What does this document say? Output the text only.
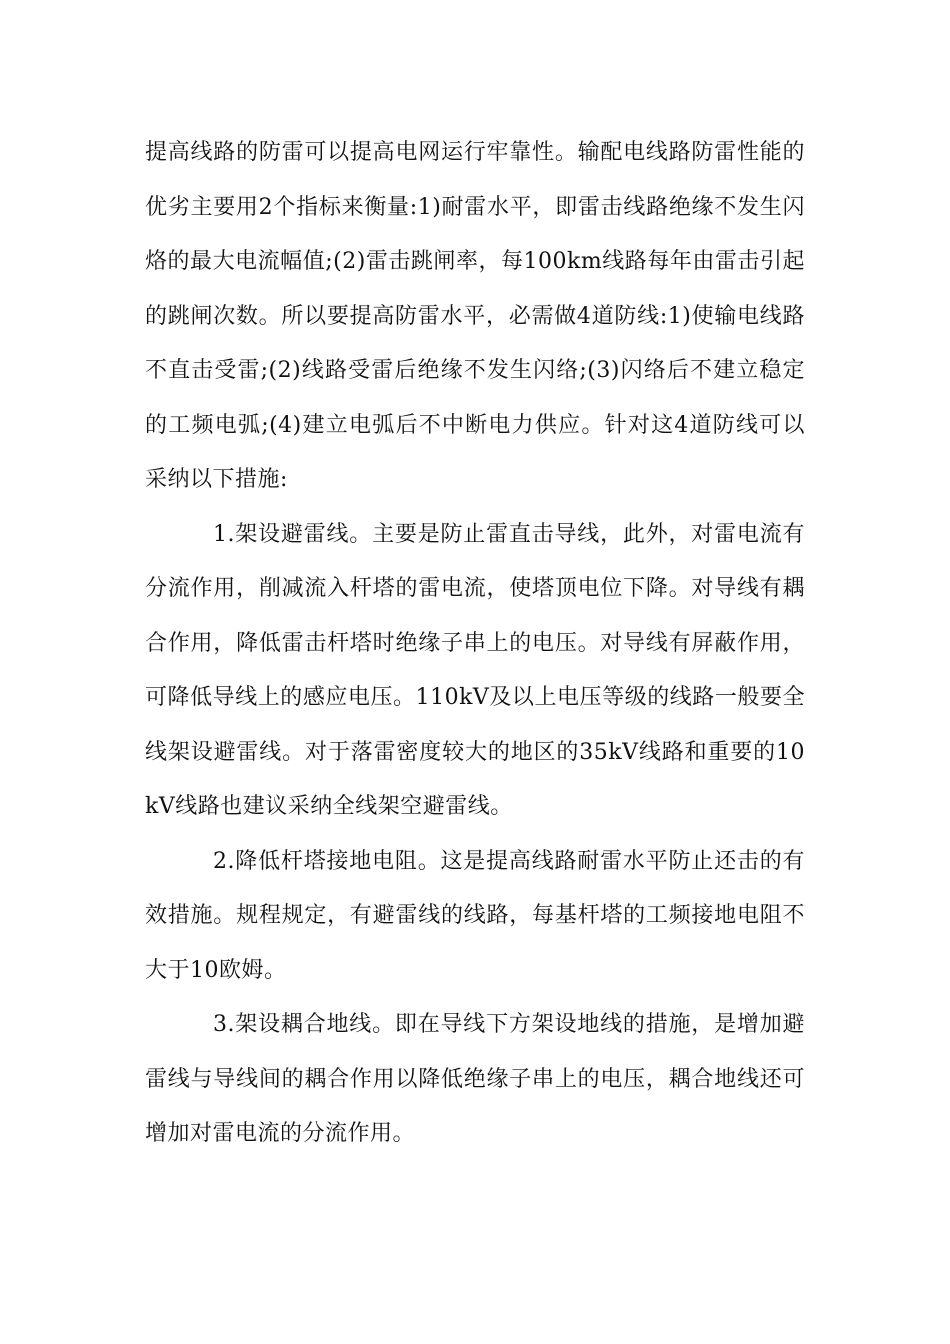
提高线路的防雷可以提高电网运行牢靠性。输配电线路防雷性能的优劣主要用2个指标来衡量:1)耐雷水平，即雷击线路绝缘不发生闪烙的最大电流幅值;(2)雷击跳闸率，每100km线路每年由雷击引起的跳闸次数。所以要提高防雷水平，必需做4道防线:1)使输电线路不直击受雷;(2)线路受雷后绝缘不发生闪络;(3)闪络后不建立稳定的工频电弧;(4)建立电弧后不中断电力供应。针对这4道防线可以采纳以下措施:

1.架设避雷线。主要是防止雷直击导线，此外，对雷电流有分流作用，削减流入杆塔的雷电流，使塔顶电位下降。对导线有耦合作用，降低雷击杆塔时绝缘子串上的电压。对导线有屏蔽作用，可降低导线上的感应电压。110kV及以上电压等级的线路一般要全线架设避雷线。对于落雷密度较大的地区的35kV线路和重要的10kV线路也建议采纳全线架空避雷线。

2.降低杆塔接地电阻。这是提高线路耐雷水平防止还击的有效措施。规程规定，有避雷线的线路，每基杆塔的工频接地电阻不大于10欧姆。

3.架设耦合地线。即在导线下方架设地线的措施，是增加避雷线与导线间的耦合作用以降低绝缘子串上的电压，耦合地线还可增加对雷电流的分流作用。
